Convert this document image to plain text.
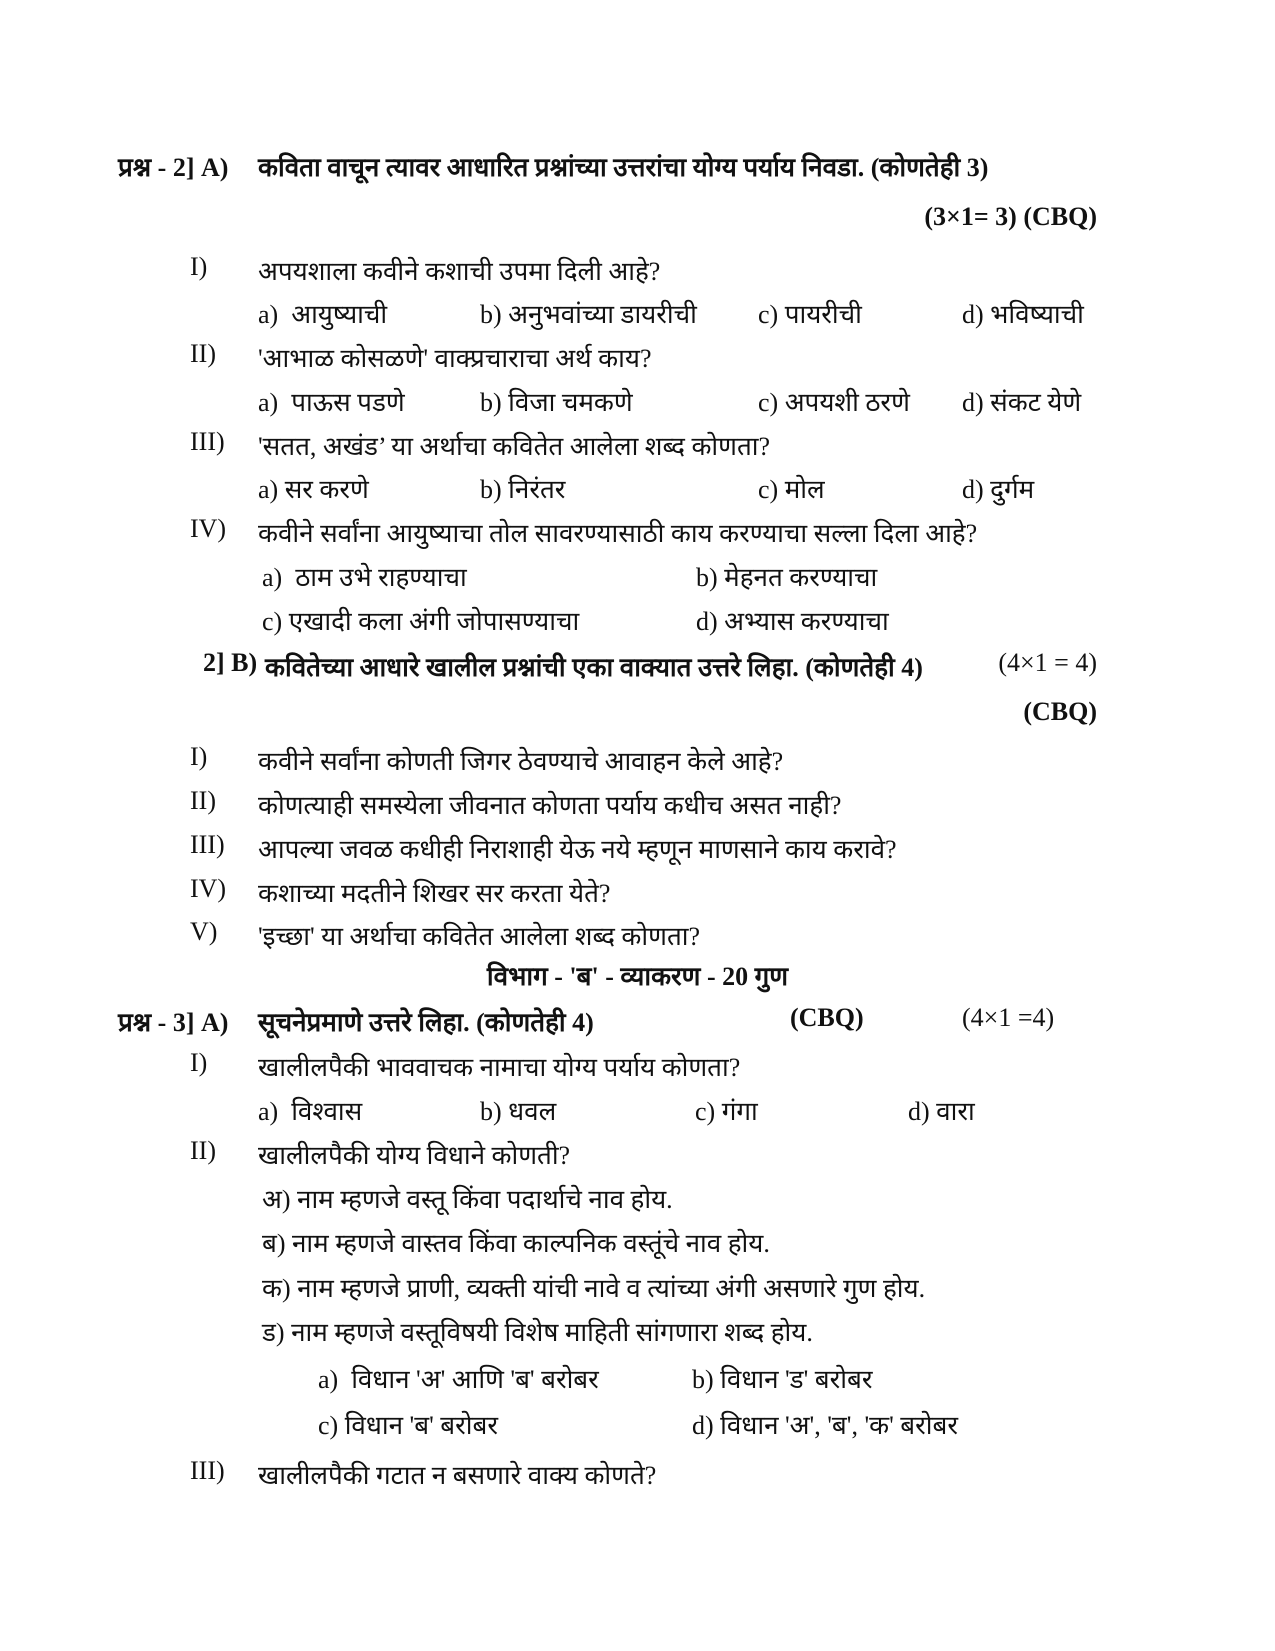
प्रश्न - 2] A) कविता वाचून त्यावर आधारित प्रश्नांच्या उत्तरांचा योग्य पर्याय निवडा. (कोणतेही 3)
(3×1= 3) (CBQ)
I) अपयशाला कवीने कशाची उपमा दिली आहे?
a)  आयुष्याची	b) अनुभवांच्या डायरीची c) पायरीची	d) भविष्याची
II) 'आभाळ कोसळणे' वाक्प्रचाराचा अर्थ काय?
a)  पाऊस पडणे	b) विजा चमकणे	c) अपयशी ठरणे d) संकट येणे
III) 'सतत, अखंड’ या अर्थाचा कवितेत आलेला शब्द कोणता?
a) सर करणे	b) निरंतर	c) मोल	d) दुर्गम
IV) कवीने सर्वांना आयुष्याचा तोल सावरण्यासाठी काय करण्याचा सल्ला दिला आहे?
a)  ठाम उभे राहण्याचा	b) मेहनत करण्याचा
c) एखादी कला अंगी जोपासण्याचा	d) अभ्यास करण्याचा
2] B) कवितेच्या आधारे खालील प्रश्नांची एका वाक्यात उत्तरे लिहा. (कोणतेही 4)	(4×1 = 4)
(CBQ)
I) कवीने सर्वांना कोणती जिगर ठेवण्याचे आवाहन केले आहे?
II) कोणत्याही समस्येला जीवनात कोणता पर्याय कधीच असत नाही?
III) आपल्या जवळ कधीही निराशाही येऊ नये म्हणून माणसाने काय करावे?
IV) कशाच्या मदतीने शिखर सर करता येते?
V) 'इच्छा' या अर्थाचा कवितेत आलेला शब्द कोणता?
विभाग - 'ब' - व्याकरण - 20 गुण
प्रश्न - 3] A) सूचनेप्रमाणे उत्तरे लिहा. (कोणतेही 4)	(CBQ)	(4×1 =4)
I) खालीलपैकी भाववाचक नामाचा योग्य पर्याय कोणता?
a)  विश्वास	b) धवल	c) गंगा	d) वारा
II) खालीलपैकी योग्य विधाने कोणती?
अ) नाम म्हणजे वस्तू किंवा पदार्थाचे नाव होय.
ब) नाम म्हणजे वास्तव किंवा काल्पनिक वस्तूंचे नाव होय.
क) नाम म्हणजे प्राणी, व्यक्ती यांची नावे व त्यांच्या अंगी असणारे गुण होय.
ड) नाम म्हणजे वस्तूविषयी विशेष माहिती सांगणारा शब्द होय.
a)  विधान 'अ' आणि 'ब' बरोबर	b) विधान 'ड' बरोबर
c) विधान 'ब' बरोबर	d) विधान 'अ', 'ब', 'क' बरोबर
III) खालीलपैकी गटात न बसणारे वाक्य कोणते?
